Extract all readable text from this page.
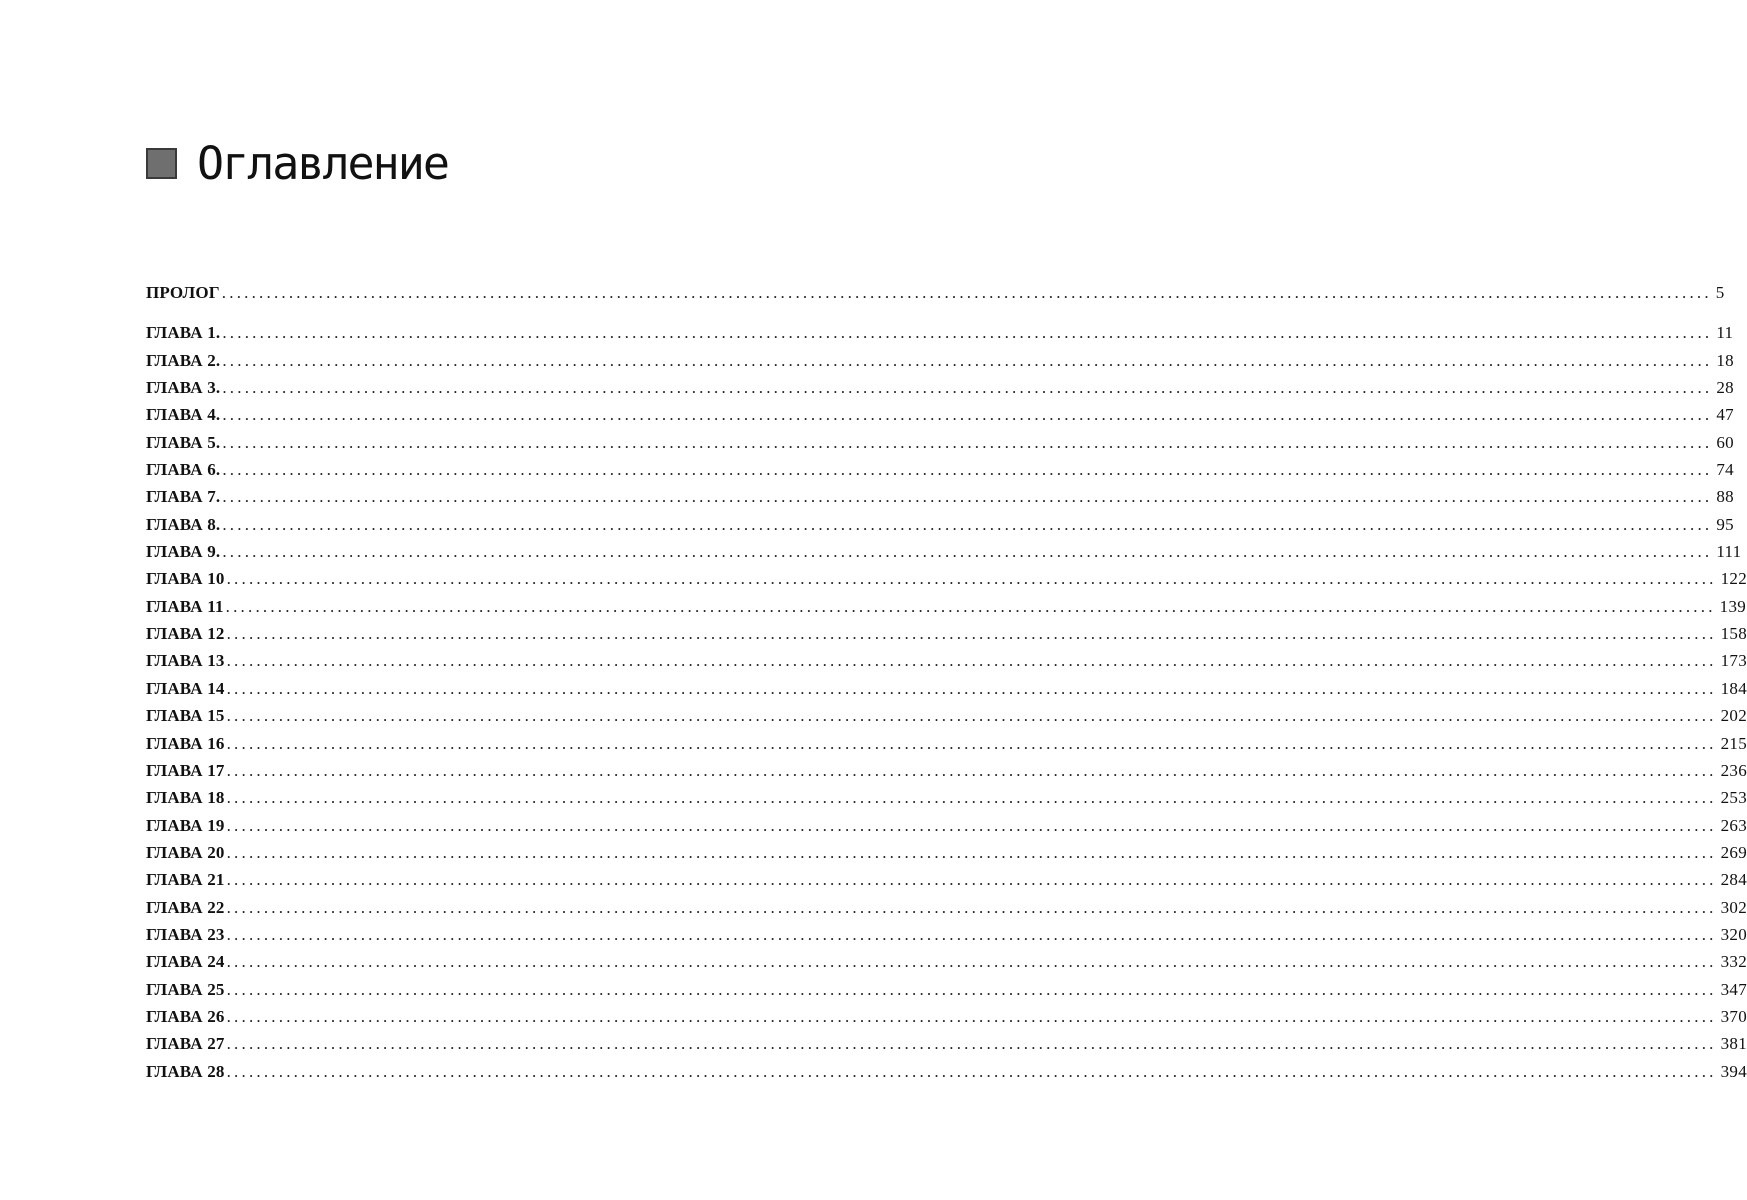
Оглавление
ПРОЛОГ ........................................................................................................................................................................................................ 5
ГЛАВА 1. ........................................................................................................................................................................................................ 11
ГЛАВА 2. ........................................................................................................................................................................................................ 18
ГЛАВА 3. ........................................................................................................................................................................................................ 28
ГЛАВА 4. ........................................................................................................................................................................................................ 47
ГЛАВА 5. ........................................................................................................................................................................................................ 60
ГЛАВА 6. ........................................................................................................................................................................................................ 74
ГЛАВА 7. ........................................................................................................................................................................................................ 88
ГЛАВА 8. ........................................................................................................................................................................................................ 95
ГЛАВА 9. ........................................................................................................................................................................................................ 111
ГЛАВА 10 ........................................................................................................................................................................................................ 122
ГЛАВА 11 ........................................................................................................................................................................................................ 139
ГЛАВА 12 ........................................................................................................................................................................................................ 158
ГЛАВА 13 ........................................................................................................................................................................................................ 173
ГЛАВА 14 ........................................................................................................................................................................................................ 184
ГЛАВА 15 ........................................................................................................................................................................................................ 202
ГЛАВА 16 ........................................................................................................................................................................................................ 215
ГЛАВА 17 ........................................................................................................................................................................................................ 236
ГЛАВА 18 ........................................................................................................................................................................................................ 253
ГЛАВА 19 ........................................................................................................................................................................................................ 263
ГЛАВА 20 ........................................................................................................................................................................................................ 269
ГЛАВА 21 ........................................................................................................................................................................................................ 284
ГЛАВА 22 ........................................................................................................................................................................................................ 302
ГЛАВА 23 ........................................................................................................................................................................................................ 320
ГЛАВА 24 ........................................................................................................................................................................................................ 332
ГЛАВА 25 ........................................................................................................................................................................................................ 347
ГЛАВА 26 ........................................................................................................................................................................................................ 370
ГЛАВА 27 ........................................................................................................................................................................................................ 381
ГЛАВА 28 ........................................................................................................................................................................................................ 394
